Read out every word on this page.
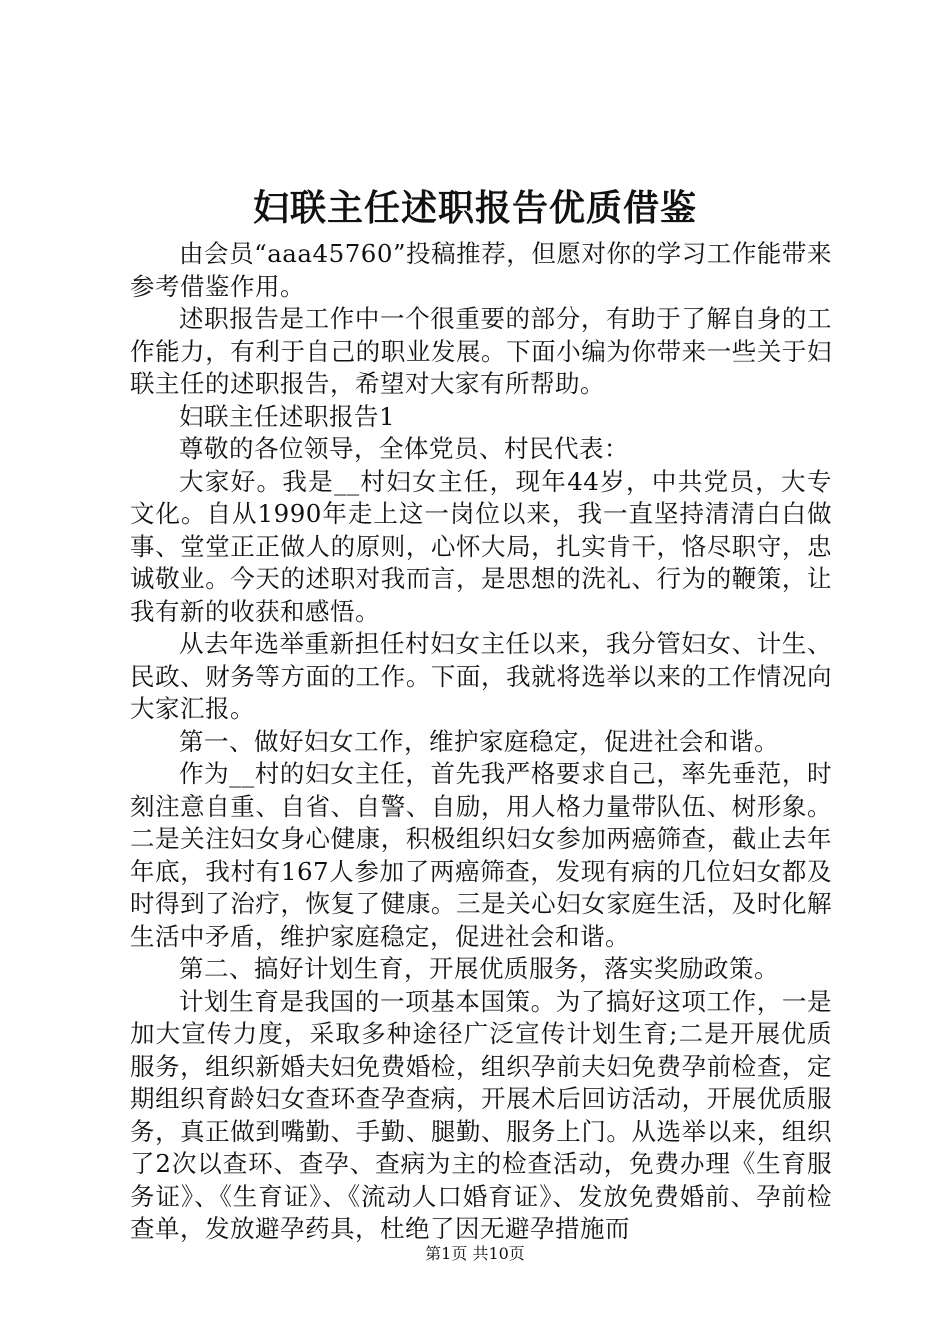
妇联主任述职报告优质借鉴

由会员“aaa45760”投稿推荐，但愿对你的学习工作能带来参考借鉴作用。

述职报告是工作中一个很重要的部分，有助于了解自身的工作能力，有利于自己的职业发展。下面小编为你带来一些关于妇联主任的述职报告，希望对大家有所帮助。

妇联主任述职报告1

尊敬的各位领导，全体党员、村民代表：

大家好。我是__村妇女主任，现年44岁，中共党员，大专文化。自从1990年走上这一岗位以来，我一直坚持清清白白做事、堂堂正正做人的原则，心怀大局，扎实肯干，恪尽职守，忠诚敬业。今天的述职对我而言，是思想的洗礼、行为的鞭策，让我有新的收获和感悟。

从去年选举重新担任村妇女主任以来，我分管妇女、计生、民政、财务等方面的工作。下面，我就将选举以来的工作情况向大家汇报。

第一、做好妇女工作，维护家庭稳定，促进社会和谐。

作为__村的妇女主任，首先我严格要求自己，率先垂范，时刻注意自重、自省、自警、自励，用人格力量带队伍、树形象。二是关注妇女身心健康，积极组织妇女参加两癌筛查，截止去年年底，我村有167人参加了两癌筛查，发现有病的几位妇女都及时得到了治疗，恢复了健康。三是关心妇女家庭生活，及时化解生活中矛盾，维护家庭稳定，促进社会和谐。

第二、搞好计划生育，开展优质服务，落实奖励政策。

计划生育是我国的一项基本国策。为了搞好这项工作，一是加大宣传力度，采取多种途径广泛宣传计划生育;二是开展优质服务，组织新婚夫妇免费婚检，组织孕前夫妇免费孕前检查，定期组织育龄妇女查环查孕查病，开展术后回访活动，开展优质服务，真正做到嘴勤、手勤、腿勤、服务上门。从选举以来，组织了2次以查环、查孕、查病为主的检查活动，免费办理《生育服务证》、《生育证》、《流动人口婚育证》、发放免费婚前、孕前检查单，发放避孕药具，杜绝了因无避孕措施而

第1页 共10页
